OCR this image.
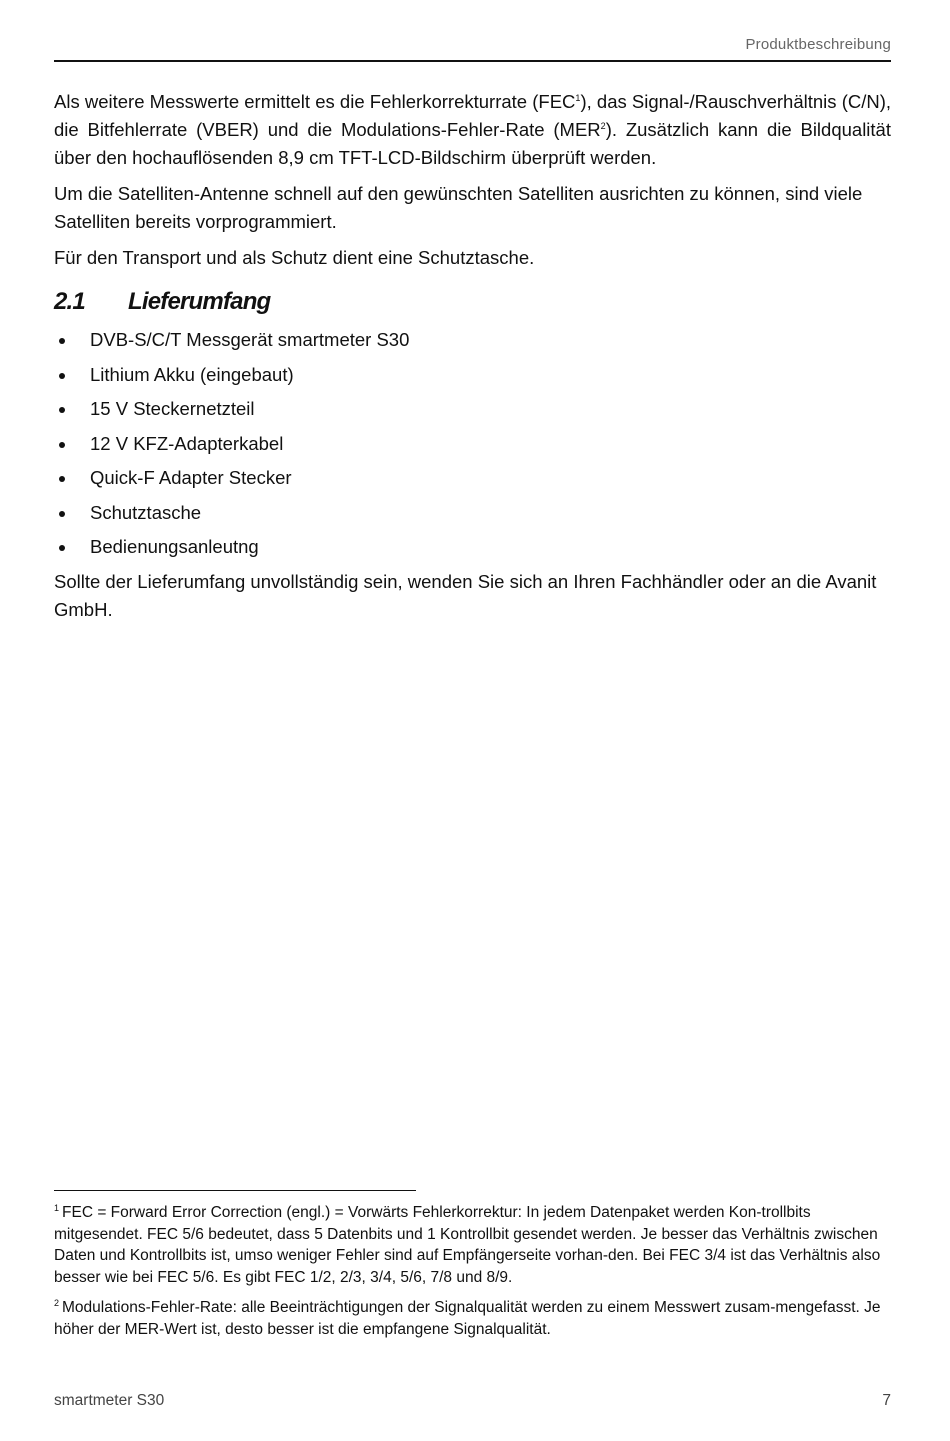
Produktbeschreibung

Als weitere Messwerte ermittelt es die Fehlerkorrekturrate (FEC$^1$), das Signal-/Rauschverhältnis (C/N), die Bitfehlerrate (VBER) und die Modulations-Fehler-Rate (MER$^2$). Zusätzlich kann die Bildqualität über den hochauflösenden 8,9 cm TFT-LCD-Bildschirm überprüft werden.

Um die Satelliten-Antenne schnell auf den gewünschten Satelliten ausrichten zu können, sind viele Satelliten bereits vorprogrammiert.

Für den Transport und als Schutz dient eine Schutztasche.

2.1 Lieferumfang
DVB-S/C/T Messgerät smartmeter S30
Lithium Akku (eingebaut)
15 V Steckernetzteil
12 V KFZ-Adapterkabel
Quick-F Adapter Stecker
Schutztasche
Bedienungsanleutng

Sollte der Lieferumfang unvollständig sein, wenden Sie sich an Ihren Fachhändler oder an die Avanit GmbH.

$^1$ FEC = Forward Error Correction (engl.) = Vorwärts Fehlerkorrektur: In jedem Datenpaket werden Kon-trollbits mitgesendet. FEC 5/6 bedeutet, dass 5 Datenbits und 1 Kontrollbit gesendet werden. Je besser das Verhältnis zwischen Daten und Kontrollbits ist, umso weniger Fehler sind auf Empfängerseite vorhan-den. Bei FEC 3/4 ist das Verhältnis also besser wie bei FEC 5/6. Es gibt FEC 1/2, 2/3, 3/4, 5/6, 7/8 und 8/9.

$^2$ Modulations-Fehler-Rate: alle Beeinträchtigungen der Signalqualität werden zu einem Messwert zusam-mengefasst. Je höher der MER-Wert ist, desto besser ist die empfangene Signalqualität.

smartmeter S30	7
